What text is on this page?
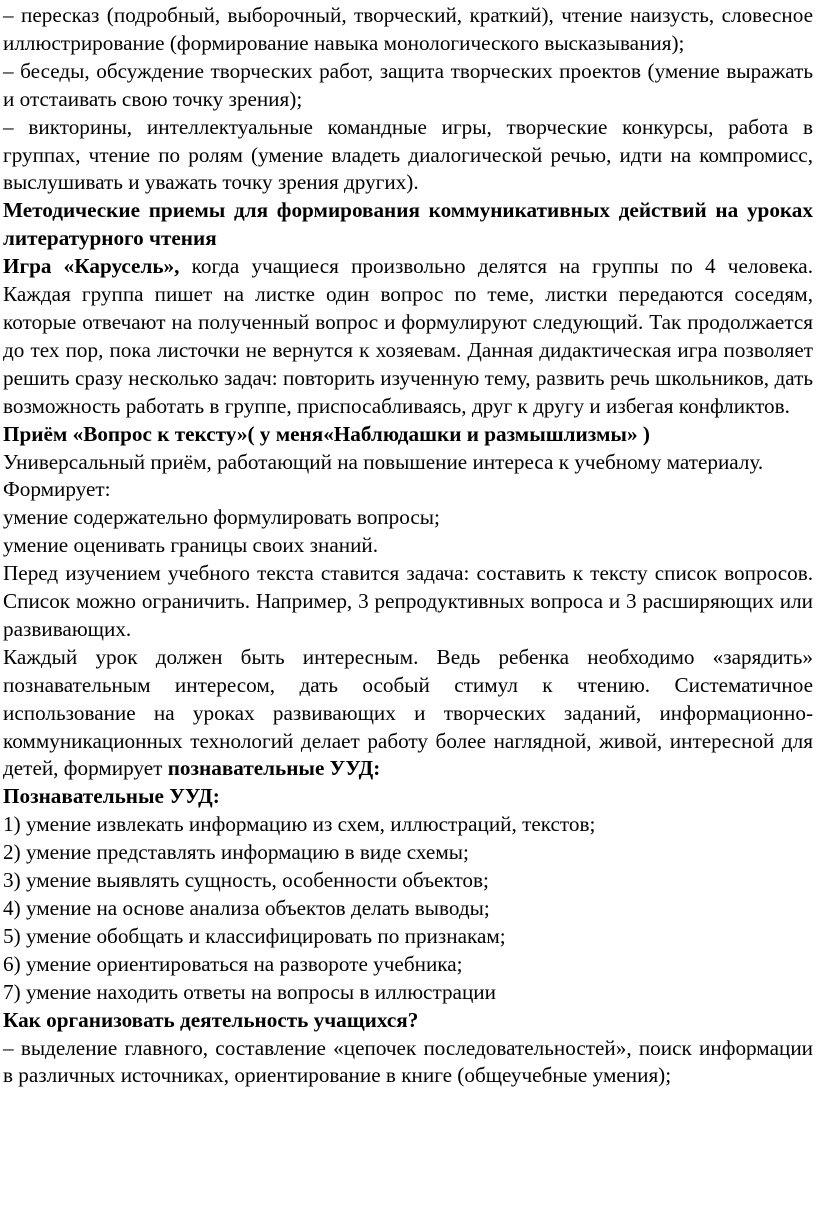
– пересказ (подробный, выборочный, творческий, краткий), чтение наизусть, словесное иллюстрирование (формирование навыка монологического высказывания);

– беседы, обсуждение творческих работ, защита творческих проектов (умение выражать и отстаивать свою точку зрения);

– викторины, интеллектуальные командные игры, творческие конкурсы, работа в группах, чтение по ролям (умение владеть диалогической речью, идти на компромисс, выслушивать и уважать точку зрения других).

Методические приемы для формирования коммуникативных действий на уроках литературного чтения

Игра «Карусель», когда учащиеся произвольно делятся на группы по 4 человека. Каждая группа пишет на листке один вопрос по теме, листки передаются соседям, которые отвечают на полученный вопрос и формулируют следующий. Так продолжается до тех пор, пока листочки не вернутся к хозяевам. Данная дидактическая игра позволяет решить сразу несколько задач: повторить изученную тему, развить речь школьников, дать возможность работать в группе, приспосабливаясь, друг к другу и избегая конфликтов.

Приём «Вопрос к тексту»( у меня«Наблюдашки и размышлизмы» )

Универсальный приём, работающий на повышение интереса к учебному материалу.

Формирует:

умение содержательно формулировать вопросы;

умение оценивать границы своих знаний.

Перед изучением учебного текста ставится задача: составить к тексту список вопросов. Список можно ограничить. Например, 3 репродуктивных вопроса и 3 расширяющих или развивающих.

Каждый урок должен быть интересным. Ведь ребенка необходимо «зарядить» познавательным интересом, дать особый стимул к чтению. Систематичное использование на уроках развивающих и творческих заданий, информационно-коммуникационных технологий делает работу более наглядной, живой, интересной для детей, формирует познавательные УУД:

Познавательные УУД:

1) умение извлекать информацию из схем, иллюстраций, текстов;

2) умение представлять информацию в виде схемы;

3) умение выявлять сущность, особенности объектов;

4) умение на основе анализа объектов делать выводы;

5) умение обобщать и классифицировать по признакам;

6) умение ориентироваться на развороте учебника;

7) умение находить ответы на вопросы в иллюстрации

Как организовать деятельность учащихся?

– выделение главного, составление «цепочек последовательностей», поиск информации в различных источниках, ориентирование в книге (общеучебные умения);
